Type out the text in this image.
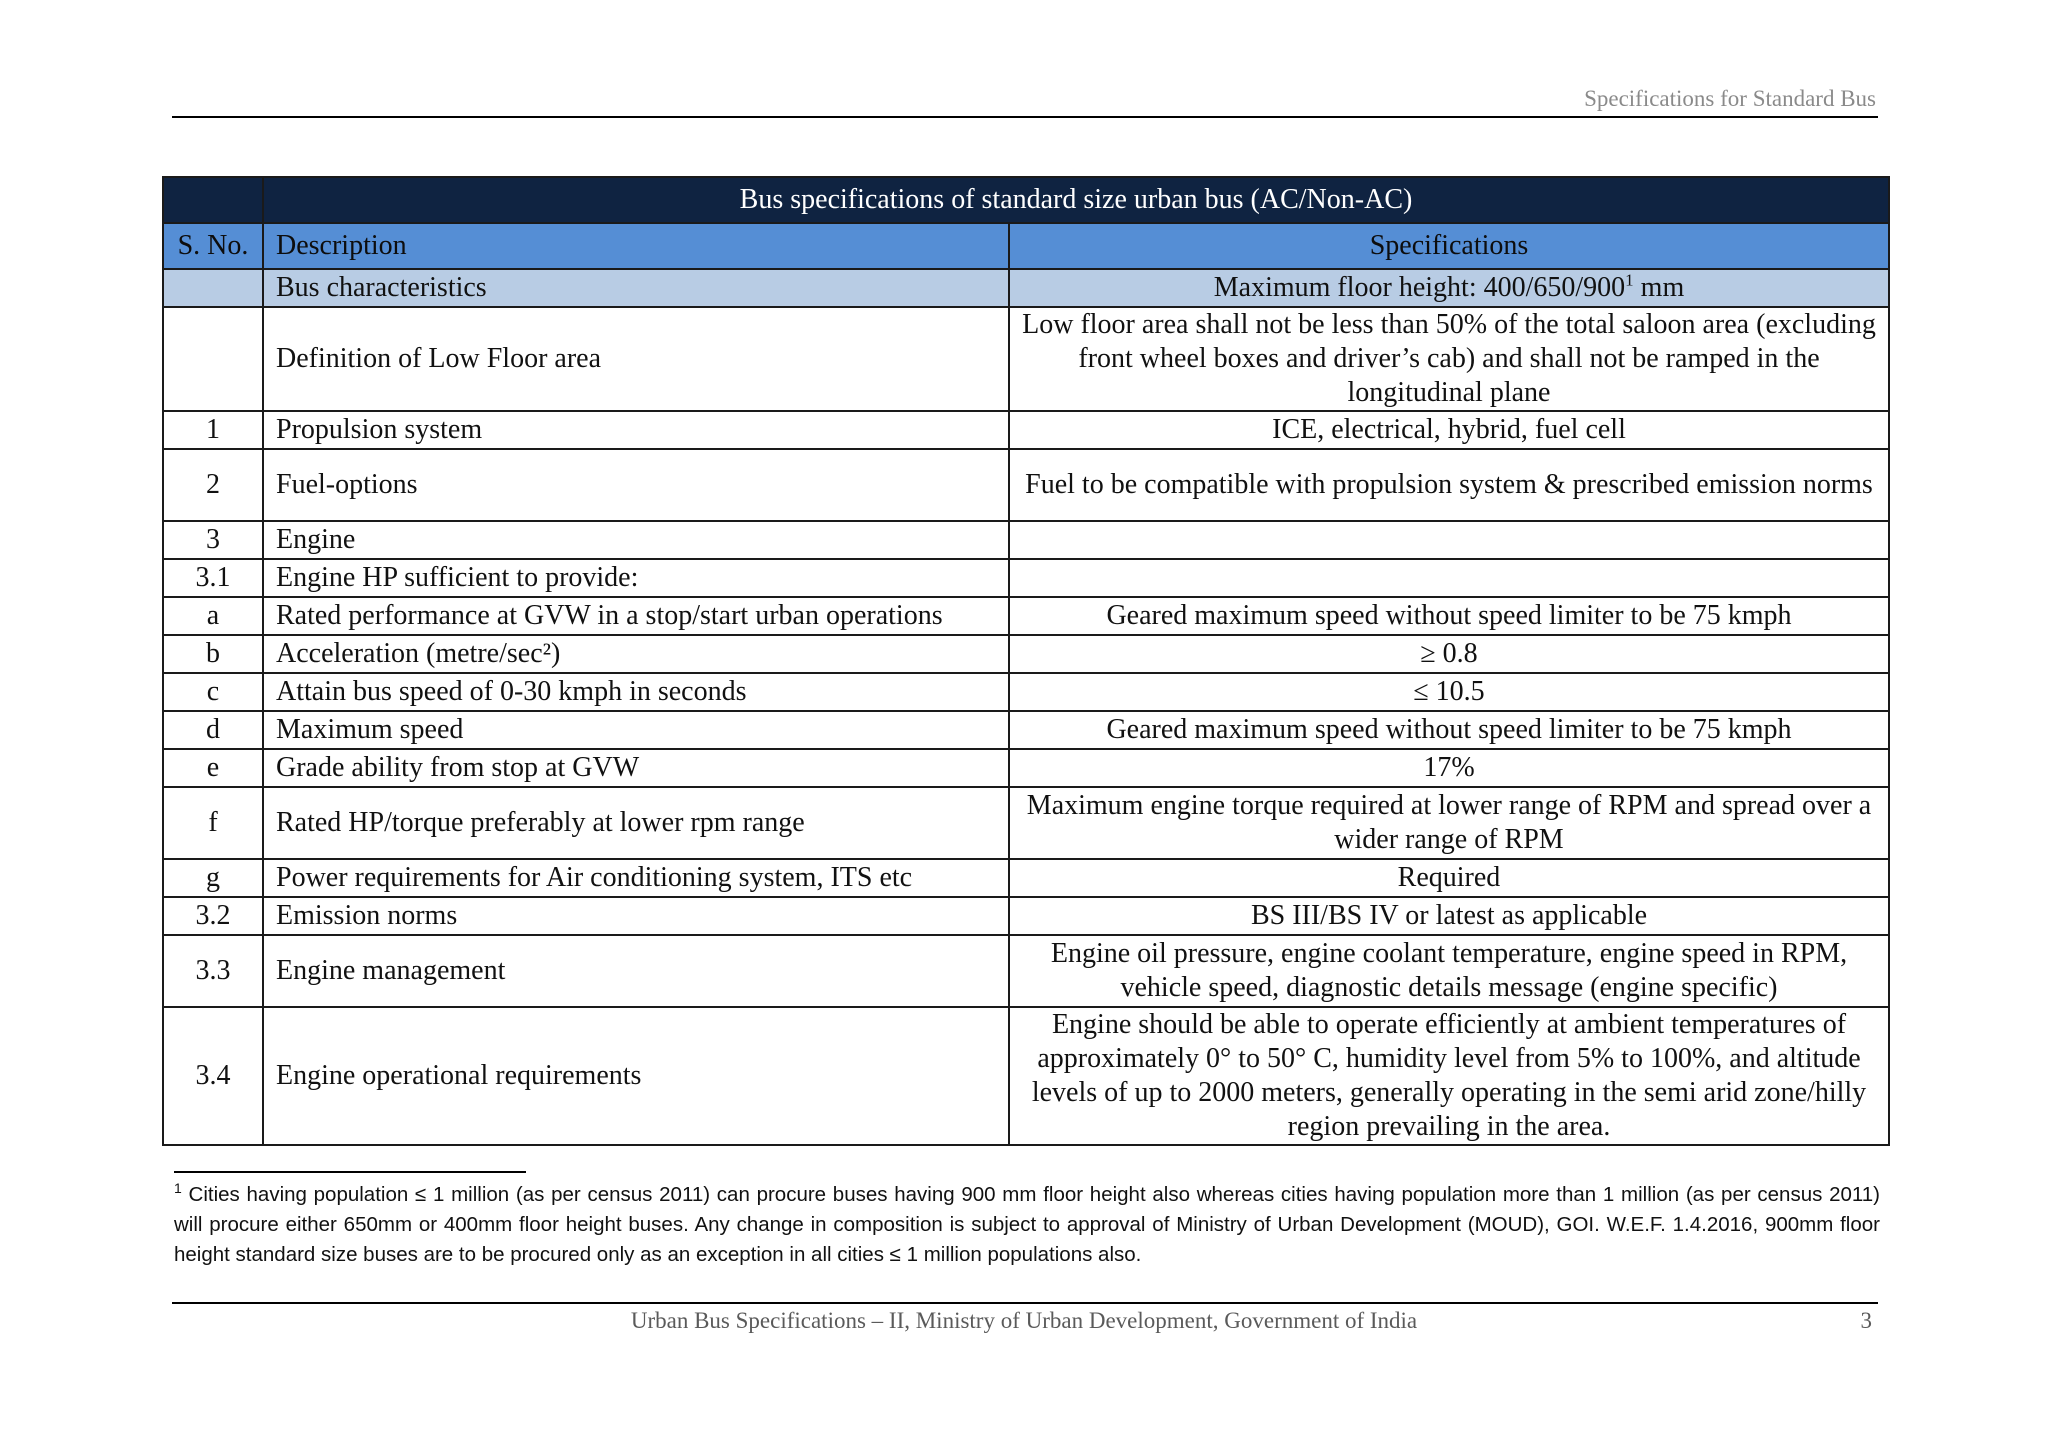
Specifications for Standard Bus
	Bus specifications of standard size urban bus (AC/Non-AC)	
S. No.	Description	Specifications
	Bus characteristics	Maximum floor height: $400/650/900^1$ mm
	Definition of Low Floor area	Low floor area shall not be less than 50% of the total saloon area (excluding front wheel boxes and driver’s cab) and shall not be ramped in the longitudinal plane
1	Propulsion system	ICE, electrical, hybrid, fuel cell
2	Fuel-options	Fuel to be compatible with propulsion system & prescribed emission norms
3	Engine	
3.1	Engine HP sufficient to provide:	
a	Rated performance at GVW in a stop/start urban operations	Geared maximum speed without speed limiter to be 75 kmph
b	Acceleration (metre/sec²)	≥ 0.8
c	Attain bus speed of 0-30 kmph in seconds	≤ 10.5
d	Maximum speed	Geared maximum speed without speed limiter to be 75 kmph
e	Grade ability from stop at GVW	17%
f	Rated HP/torque preferably at lower rpm range	Maximum engine torque required at lower range of RPM and spread over a wider range of RPM
g	Power requirements for Air conditioning system, ITS etc	Required
3.2	Emission norms	BS III/BS IV or latest as applicable
3.3	Engine management	Engine oil pressure, engine coolant temperature, engine speed in RPM, vehicle speed, diagnostic details message (engine specific)
3.4	Engine operational requirements	Engine should be able to operate efficiently at ambient temperatures of approximately 0° to 50° C, humidity level from 5% to 100%, and altitude levels of up to 2000 meters, generally operating in the semi arid zone/hilly region prevailing in the area.
$^1$ Cities having population ≤ 1 million (as per census 2011) can procure buses having 900 mm floor height also whereas cities having population more than 1 million (as per census 2011) will procure either 650mm or 400mm floor height buses. Any change in composition is subject to approval of Ministry of Urban Development (MOUD), GOI. W.E.F. 1.4.2016, 900mm floor height standard size buses are to be procured only as an exception in all cities ≤ 1 million populations also.
Urban Bus Specifications – II, Ministry of Urban Development, Government of India	3
